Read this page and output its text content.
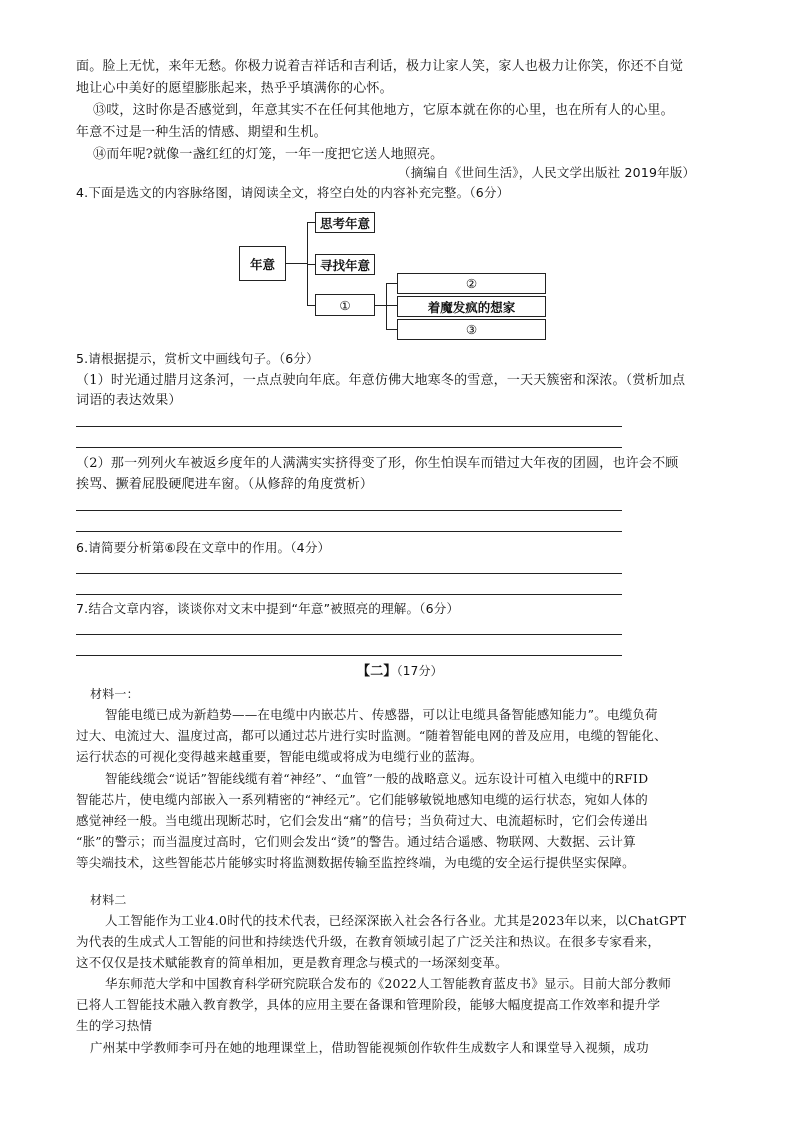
面。脸上无忧，来年无愁。你极力说着吉祥话和吉利话，极力让家人笑，家人也极力让你笑，你还不自觉
地让心中美好的愿望膨胀起来，热乎乎填满你的心怀。
⑬哎，这时你是否感觉到，年意其实不在任何其他地方，它原本就在你的心里，也在所有人的心里。
年意不过是一种生活的情感、期望和生机。
⑭而年呢?就像一盏红红的灯笼，一年一度把它送人地照亮。
（摘编自《世间生活》，人民文学出版社 2019年版）
4.下面是选文的内容脉络图，请阅读全文，将空白处的内容补充完整。（6分）
年意
思考年意
寻找年意
①
②
着魔发疯的想家
③
5.请根据提示，赏析文中画线句子。（6分）
（1）时光通过腊月这条河，一点点驶向年底。年意仿佛大地寒冬的雪意，一天天簇密和深浓。（赏析加点
词语的表达效果）
（2）那一列列火车被返乡度年的人满满实实挤得变了形，你生怕误车而错过大年夜的团圆，也许会不顾
挨骂、撅着屁股硬爬进车窗。（从修辞的角度赏析）
6.请简要分析第⑥段在文章中的作用。（4分）
7.结合文章内容，谈谈你对文末中提到“年意”被照亮的理解。（6分）
【二】（17分）
材料一：
智能电缆已成为新趋势——在电缆中内嵌芯片、传感器，可以让电缆具备智能感知能力”。电缆负荷
过大、电流过大、温度过高，都可以通过芯片进行实时监测。“随着智能电网的普及应用，电缆的智能化、
运行状态的可视化变得越来越重要，智能电缆或将成为电缆行业的蓝海。
智能线缆会“说话”智能线缆有着“神经”、“血管”一般的战略意义。远东设计可植入电缆中的RFID
智能芯片，使电缆内部嵌入一系列精密的“神经元”。它们能够敏锐地感知电缆的运行状态，宛如人体的
感觉神经一般。当电缆出现断芯时，它们会发出“痛”的信号；当负荷过大、电流超标时，它们会传递出
“胀”的警示；而当温度过高时，它们则会发出“烫”的警告。通过结合遥感、物联网、大数据、云计算
等尖端技术，这些智能芯片能够实时将监测数据传输至监控终端，为电缆的安全运行提供坚实保障。
材料二
人工智能作为工业4.0时代的技术代表，已经深深嵌入社会各行各业。尤其是2023年以来，以ChatGPT
为代表的生成式人工智能的问世和持续迭代升级，在教育领域引起了广泛关注和热议。在很多专家看来，
这不仅仅是技术赋能教育的简单相加，更是教育理念与模式的一场深刻变革。
华东师范大学和中国教育科学研究院联合发布的《2022人工智能教育蓝皮书》显示。目前大部分教师
已将人工智能技术融入教育教学，具体的应用主要在备课和管理阶段，能够大幅度提高工作效率和提升学
生的学习热情
广州某中学教师李可丹在她的地理课堂上，借助智能视频创作软件生成数字人和课堂导入视频，成功
